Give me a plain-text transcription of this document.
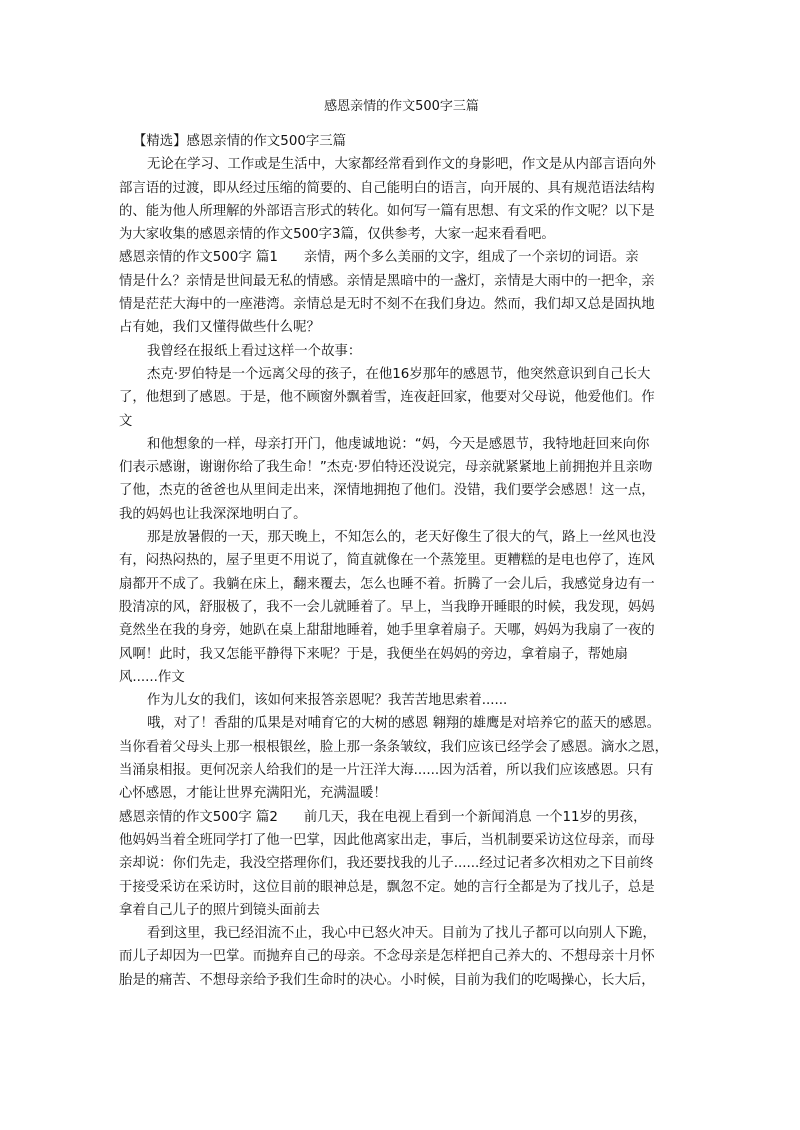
感恩亲情的作文500字三篇
【精选】感恩亲情的作文500字三篇
无论在学习、工作或是生活中，大家都经常看到作文的身影吧，作文是从内部言语向外
部言语的过渡，即从经过压缩的简要的、自己能明白的语言，向开展的、具有规范语法结构
的、能为他人所理解的外部语言形式的转化。如何写一篇有思想、有文采的作文呢？以下是
为大家收集的感恩亲情的作文500字3篇，仅供参考，大家一起来看看吧。
感恩亲情的作文500字 篇1 亲情，两个多么美丽的文字，组成了一个亲切的词语。亲
情是什么？亲情是世间最无私的情感。亲情是黑暗中的一盏灯，亲情是大雨中的一把伞，亲
情是茫茫大海中的一座港湾。亲情总是无时不刻不在我们身边。然而，我们却又总是固执地
占有她，我们又懂得做些什么呢？
我曾经在报纸上看过这样一个故事：
杰克·罗伯特是一个远离父母的孩子，在他16岁那年的感恩节，他突然意识到自己长大
了，他想到了感恩。于是，他不顾窗外飘着雪，连夜赶回家，他要对父母说，他爱他们。作
文
和他想象的一样，母亲打开门，他虔诚地说：“妈，今天是感恩节，我特地赶回来向你
们表示感谢，谢谢你给了我生命！”杰克·罗伯特还没说完，母亲就紧紧地上前拥抱并且亲吻
了他，杰克的爸爸也从里间走出来，深情地拥抱了他们。没错，我们要学会感恩！这一点，
我的妈妈也让我深深地明白了。
那是放暑假的一天，那天晚上，不知怎么的，老天好像生了很大的气，路上一丝风也没
有，闷热闷热的，屋子里更不用说了，简直就像在一个蒸笼里。更糟糕的是电也停了，连风
扇都开不成了。我躺在床上，翻来覆去，怎么也睡不着。折腾了一会儿后，我感觉身边有一
股清凉的风，舒服极了，我不一会儿就睡着了。早上，当我睁开睡眼的时候，我发现，妈妈
竟然坐在我的身旁，她趴在桌上甜甜地睡着，她手里拿着扇子。天哪，妈妈为我扇了一夜的
风啊！此时，我又怎能平静得下来呢？于是，我便坐在妈妈的旁边，拿着扇子，帮她扇
风......作文
作为儿女的我们，该如何来报答亲恩呢？我苦苦地思索着......
哦，对了！香甜的瓜果是对哺育它的大树的感恩 翱翔的雄鹰是对培养它的蓝天的感恩。
当你看着父母头上那一根根银丝，脸上那一条条皱纹，我们应该已经学会了感恩。滴水之恩，
当涌泉相报。更何况亲人给我们的是一片汪洋大海......因为活着，所以我们应该感恩。只有
心怀感恩，才能让世界充满阳光，充满温暖！
感恩亲情的作文500字 篇2 前几天，我在电视上看到一个新闻消息 一个11岁的男孩，
他妈妈当着全班同学打了他一巴掌，因此他离家出走，事后，当机制要采访这位母亲，而母
亲却说：你们先走，我没空搭理你们，我还要找我的儿子......经过记者多次相劝之下目前终
于接受采访在采访时，这位目前的眼神总是，飘忽不定。她的言行全都是为了找儿子，总是
拿着自己儿子的照片到镜头面前去
看到这里，我已经泪流不止，我心中已怒火冲天。目前为了找儿子都可以向别人下跪，
而儿子却因为一巴掌。而抛弃自己的母亲。不念母亲是怎样把自己养大的、不想母亲十月怀
胎是的痛苦、不想母亲给予我们生命时的决心。小时候，目前为我们的吃喝操心，长大后，
